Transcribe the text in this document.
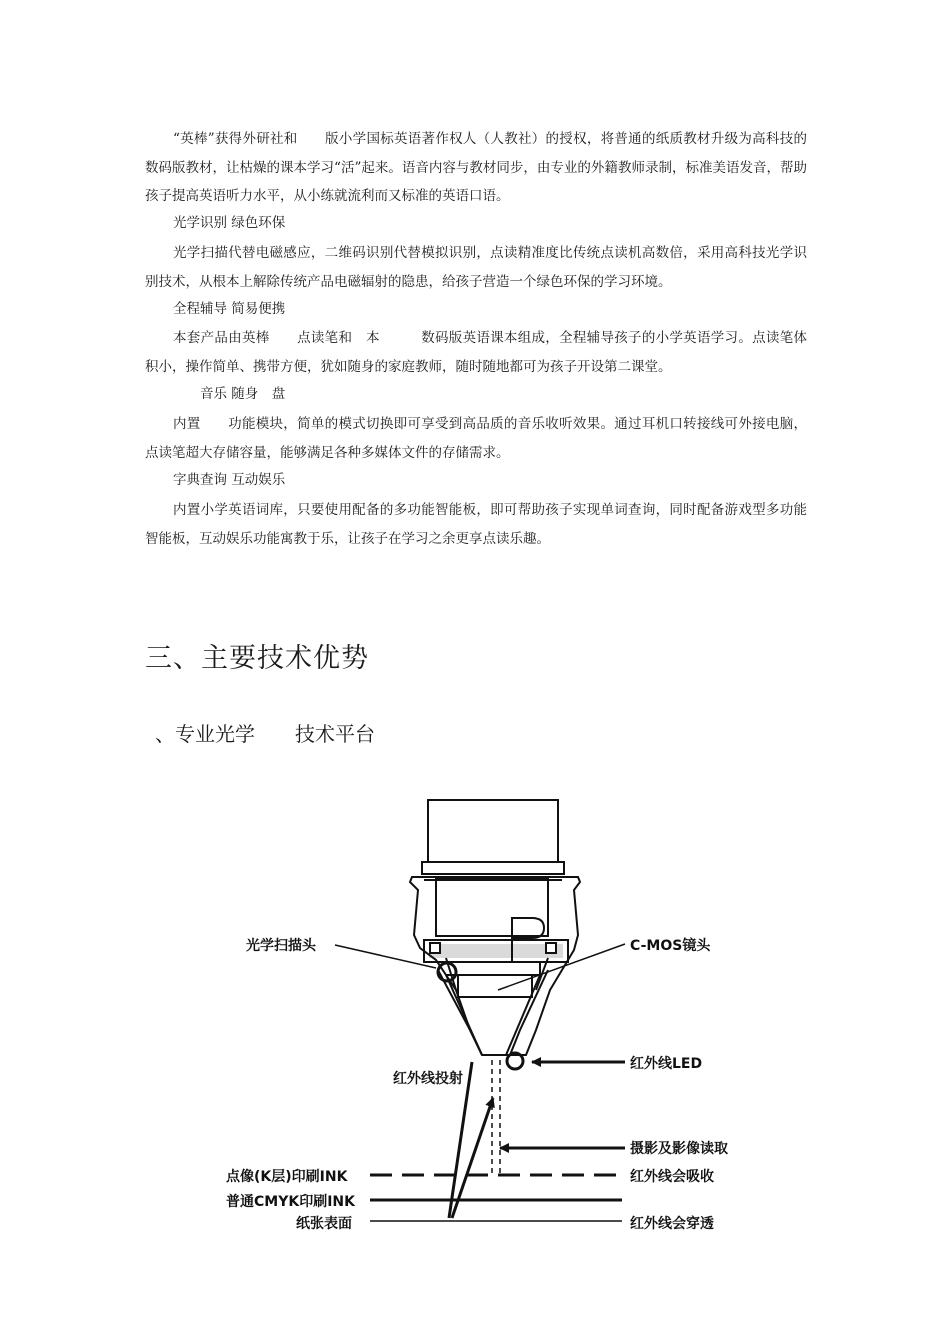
“英棒”获得外研社和　　版小学国标英语著作权人（人教社）的授权，将普通的纸质教材升级为高科技的数码版教材，让枯燥的课本学习“活”起来。语音内容与教材同步，由专业的外籍教师录制，标准美语发音，帮助孩子提高英语听力水平，从小练就流利而又标准的英语口语。

光学识别 绿色环保

光学扫描代替电磁感应，二维码识别代替模拟识别，点读精准度比传统点读机高数倍，采用高科技光学识别技术，从根本上解除传统产品电磁辐射的隐患，给孩子营造一个绿色环保的学习环境。

全程辅导 简易便携

本套产品由英棒　　点读笔和　本　　　数码版英语课本组成，全程辅导孩子的小学英语学习。点读笔体积小，操作简单、携带方便，犹如随身的家庭教师，随时随地都可为孩子开设第二课堂。

　　音乐 随身　盘

内置　　功能模块，简单的模式切换即可享受到高品质的音乐收听效果。通过耳机口转接线可外接电脑，点读笔超大存储容量，能够满足各种多媒体文件的存储需求。

字典查询 互动娱乐

内置小学英语词库，只要使用配备的多功能智能板，即可帮助孩子实现单词查询，同时配备游戏型多功能智能板，互动娱乐功能寓教于乐，让孩子在学习之余更享点读乐趣。

三、主要技术优势
、专业光学　　技术平台
光学扫描头	C-MOS镜头
红外线投射
红外线LED
摄影及影像读取
点像(K层)印刷INK	红外线会吸收
普通CMYK印刷INK
纸张表面	红外线会穿透
